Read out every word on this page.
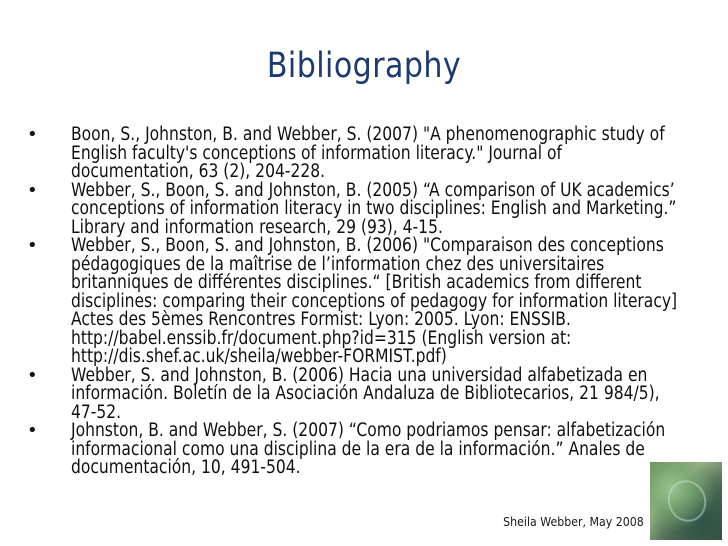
Bibliography
• Boon, S., Johnston, B. and Webber, S. (2007) "A phenomenographic study of English faculty's conceptions of information literacy." Journal of documentation, 63 (2), 204-228.
• Webber, S., Boon, S. and Johnston, B. (2005) “A comparison of UK academics’ conceptions of information literacy in two disciplines: English and Marketing.” Library and information research, 29 (93), 4-15.
• Webber, S., Boon, S. and Johnston, B. (2006) "Comparaison des conceptions pédagogiques de la maîtrise de l’information chez des universitaires britanniques de différentes disciplines.“ [British academics from different disciplines: comparing their conceptions of pedagogy for information literacy] Actes des 5èmes Rencontres Formist: Lyon: 2005. Lyon: ENSSIB. http://babel.enssib.fr/document.php?id=315 (English version at: http://dis.shef.ac.uk/sheila/webber-FORMIST.pdf)
• Webber, S. and Johnston, B. (2006) Hacia una universidad alfabetizada en información. Boletín de la Asociación Andaluza de Bibliotecarios, 21 984/5), 47-52.
• Johnston, B. and Webber, S. (2007) “Como podriamos pensar: alfabetización informacional como una disciplina de la era de la información.” Anales de documentación, 10, 491-504.
Sheila Webber, May 2008
